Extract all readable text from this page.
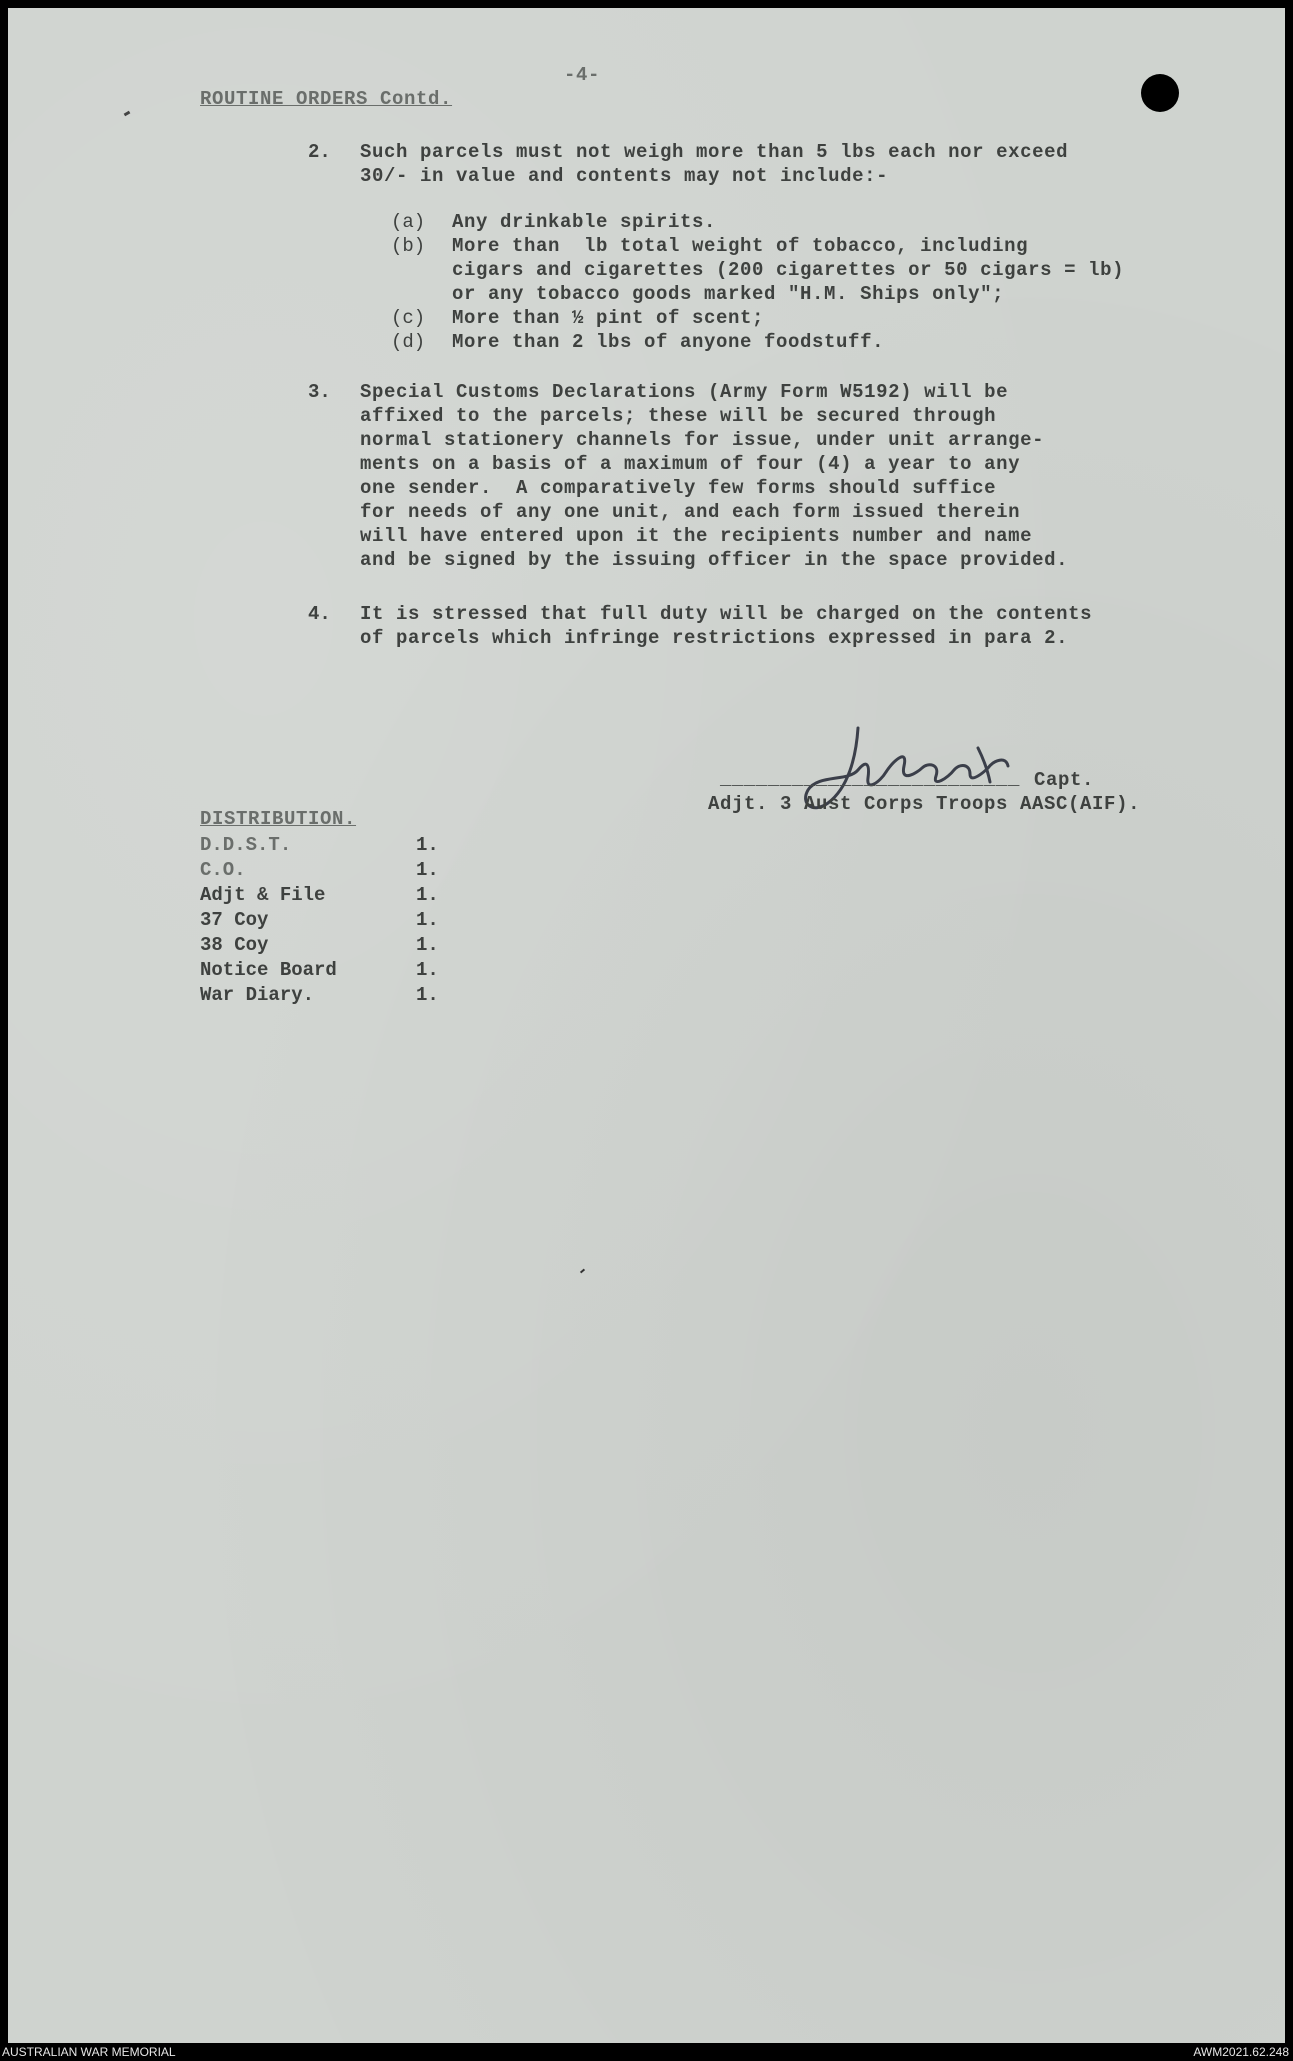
-4-
ROUTINE ORDERS Contd.
2. Such parcels must not weigh more than 5 lbs each nor exceed
30/- in value and contents may not include:-
(a) Any drinkable spirits.
(b) More than  lb total weight of tobacco, including
cigars and cigarettes (200 cigarettes or 50 cigars = lb)
or any tobacco goods marked "H.M. Ships only";
(c) More than ½ pint of scent;
(d) More than 2 lbs of anyone foodstuff.
3. Special Customs Declarations (Army Form W5192) will be
affixed to the parcels; these will be secured through
normal stationery channels for issue, under unit arrange-
ments on a basis of a maximum of four (4) a year to any
one sender.  A comparatively few forms should suffice
for needs of any one unit, and each form issued therein
will have entered upon it the recipients number and name
and be signed by the issuing officer in the space provided.
4. It is stressed that full duty will be charged on the contents
of parcels which infringe restrictions expressed in para 2.
_________________________ Capt.
Adjt. 3 Aust Corps Troops AASC(AIF).
DISTRIBUTION.
D.D.S.T.	1.
C.O.	1.
Adjt & File	1.
37 Coy	1.
38 Coy	1.
Notice Board	1.
War Diary.	1.
AUSTRALIAN WAR MEMORIAL	AWM2021.62.248
